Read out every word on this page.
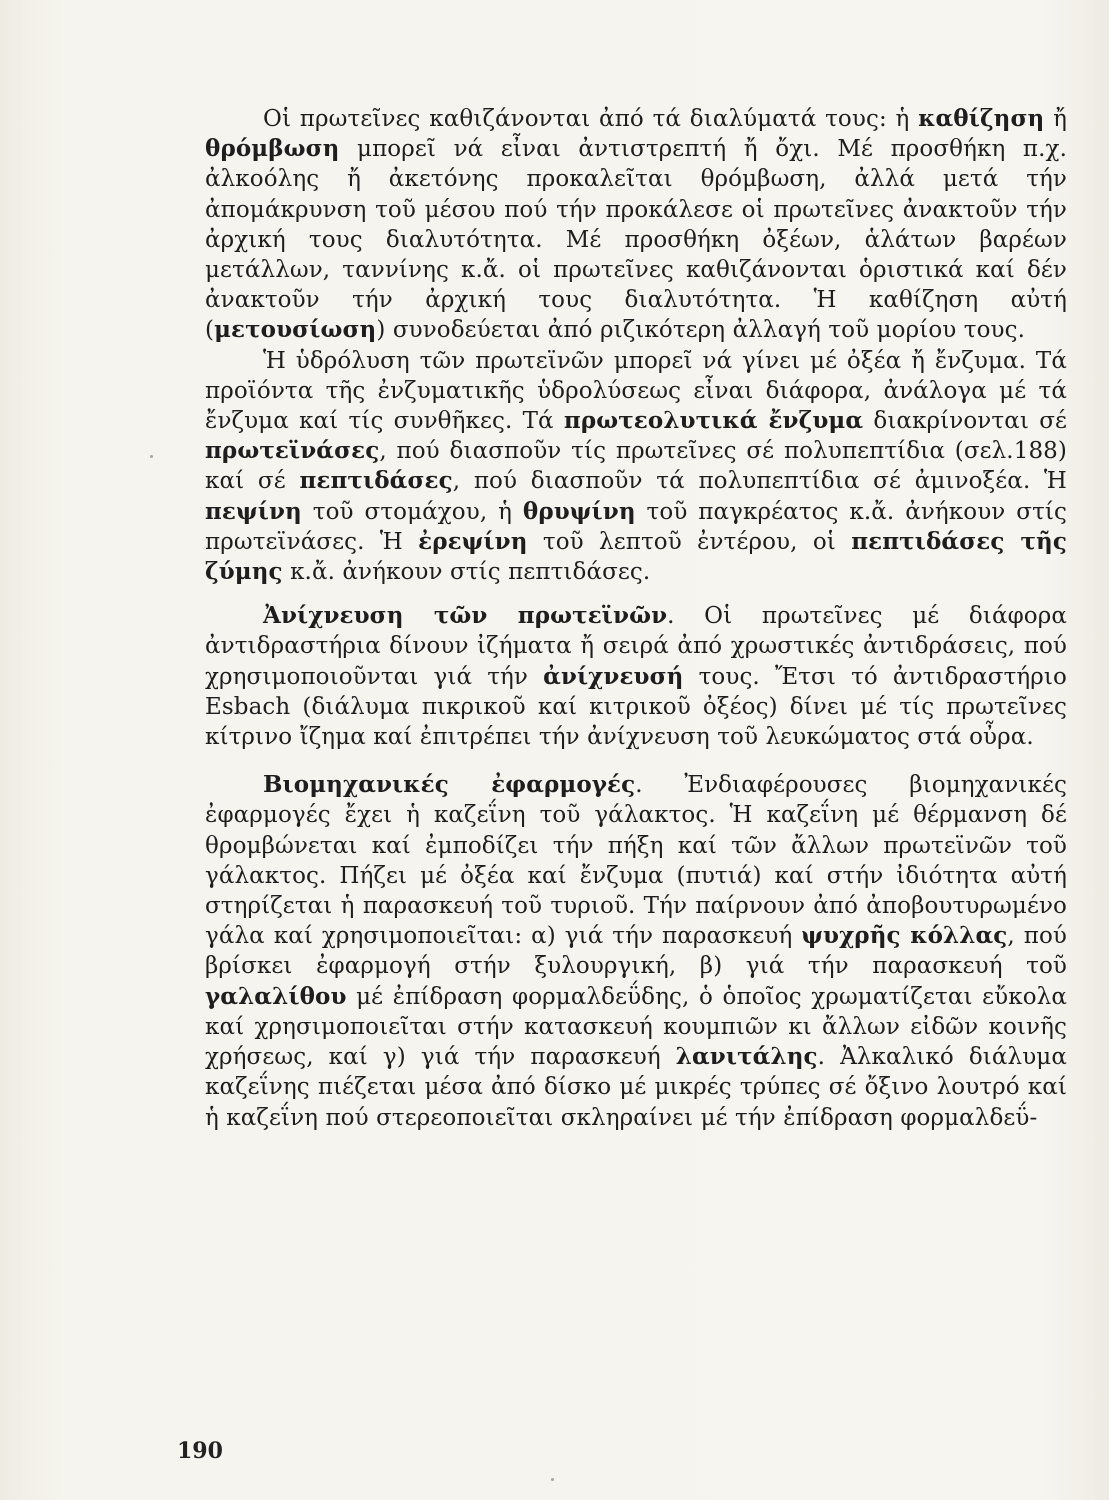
Οἱ πρωτεῖνες καθιζάνονται ἀπό τά διαλύματά τους: ἡ καθίζηση ἤ θρόμβωση μπορεῖ νά εἶναι ἀντιστρεπτή ἤ ὄχι. Μέ προσθήκη π.χ. ἀλκοόλης ἤ ἀκετόνης προκαλεῖται θρόμβωση, ἀλλά μετά τήν ἀπομάκρυνση τοῦ μέσου πού τήν προκάλεσε οἱ πρωτεῖνες ἀνακτοῦν τήν ἀρχική τους διαλυτότητα. Μέ προσθήκη ὀξέων, ἁλάτων βαρέων μετάλλων, ταννίνης κ.ἄ. οἱ πρωτεῖνες καθιζάνονται ὁριστικά καί δέν ἀνακτοῦν τήν ἀρχική τους διαλυτότητα. Ἡ καθίζηση αὐτή (μετουσίωση) συνοδεύεται ἀπό ριζικότερη ἀλλαγή τοῦ μορίου τους.

Ἡ ὑδρόλυση τῶν πρωτεϊνῶν μπορεῖ νά γίνει μέ ὀξέα ἤ ἔνζυμα. Τά προϊόντα τῆς ἐνζυματικῆς ὑδρολύσεως εἶναι διάφορα, ἀνάλογα μέ τά ἔνζυμα καί τίς συνθῆκες. Τά πρωτεολυτικά ἔνζυμα διακρίνονται σέ πρωτεϊνάσες, πού διασποῦν τίς πρωτεῖνες σέ πολυπεπτίδια (σελ.188) καί σέ πεπτιδάσες, πού διασποῦν τά πολυπεπτίδια σέ ἀμινοξέα. Ἡ πεψίνη τοῦ στομάχου, ἡ θρυψίνη τοῦ παγκρέατος κ.ἄ. ἀνήκουν στίς πρωτεϊνάσες. Ἡ ἐρεψίνη τοῦ λεπτοῦ ἐντέρου, οἱ πεπτιδάσες τῆς ζύμης κ.ἄ. ἀνήκουν στίς πεπτιδάσες.

Ἀνίχνευση τῶν πρωτεϊνῶν. Οἱ πρωτεῖνες μέ διάφορα ἀντιδραστήρια δίνουν ἰζήματα ἤ σειρά ἀπό χρωστικές ἀντιδράσεις, πού χρησιμοποιοῦνται γιά τήν ἀνίχνευσή τους. Ἔτσι τό ἀντιδραστήριο Esbach (διάλυμα πικρικοῦ καί κιτρικοῦ ὀξέος) δίνει μέ τίς πρωτεῖνες κίτρινο ἴζημα καί ἐπιτρέπει τήν ἀνίχνευση τοῦ λευκώματος στά οὖρα.

Βιομηχανικές ἐφαρμογές. Ἐνδιαφέρουσες βιομηχανικές ἐφαρμογές ἔχει ἡ καζεΐνη τοῦ γάλακτος. Ἡ καζεΐνη μέ θέρμανση δέ θρομβώνεται καί ἐμποδίζει τήν πήξη καί τῶν ἄλλων πρωτεϊνῶν τοῦ γάλακτος. Πήζει μέ ὀξέα καί ἔνζυμα (πυτιά) καί στήν ἰδιότητα αὐτή στηρίζεται ἡ παρασκευή τοῦ τυριοῦ. Τήν παίρνουν ἀπό ἀποβουτυρωμένο γάλα καί χρησιμοποιεῖται: α) γιά τήν παρασκευή ψυχρῆς κόλλας, πού βρίσκει ἐφαρμογή στήν ξυλουργική, β) γιά τήν παρασκευή τοῦ γαλαλίθου μέ ἐπίδραση φορμαλδεΰδης, ὁ ὁποῖος χρωματίζεται εὔκολα καί χρησιμοποιεῖται στήν κατασκευή κουμπιῶν κι ἄλλων εἰδῶν κοινῆς χρήσεως, καί γ) γιά τήν παρασκευή λανιτάλης. Ἀλκαλικό διάλυμα καζεΐνης πιέζεται μέσα ἀπό δίσκο μέ μικρές τρύπες σέ ὄξινο λουτρό καί ἡ καζεΐνη πού στερεοποιεῖται σκληραίνει μέ τήν ἐπίδραση φορμαλδεΰ-

190
